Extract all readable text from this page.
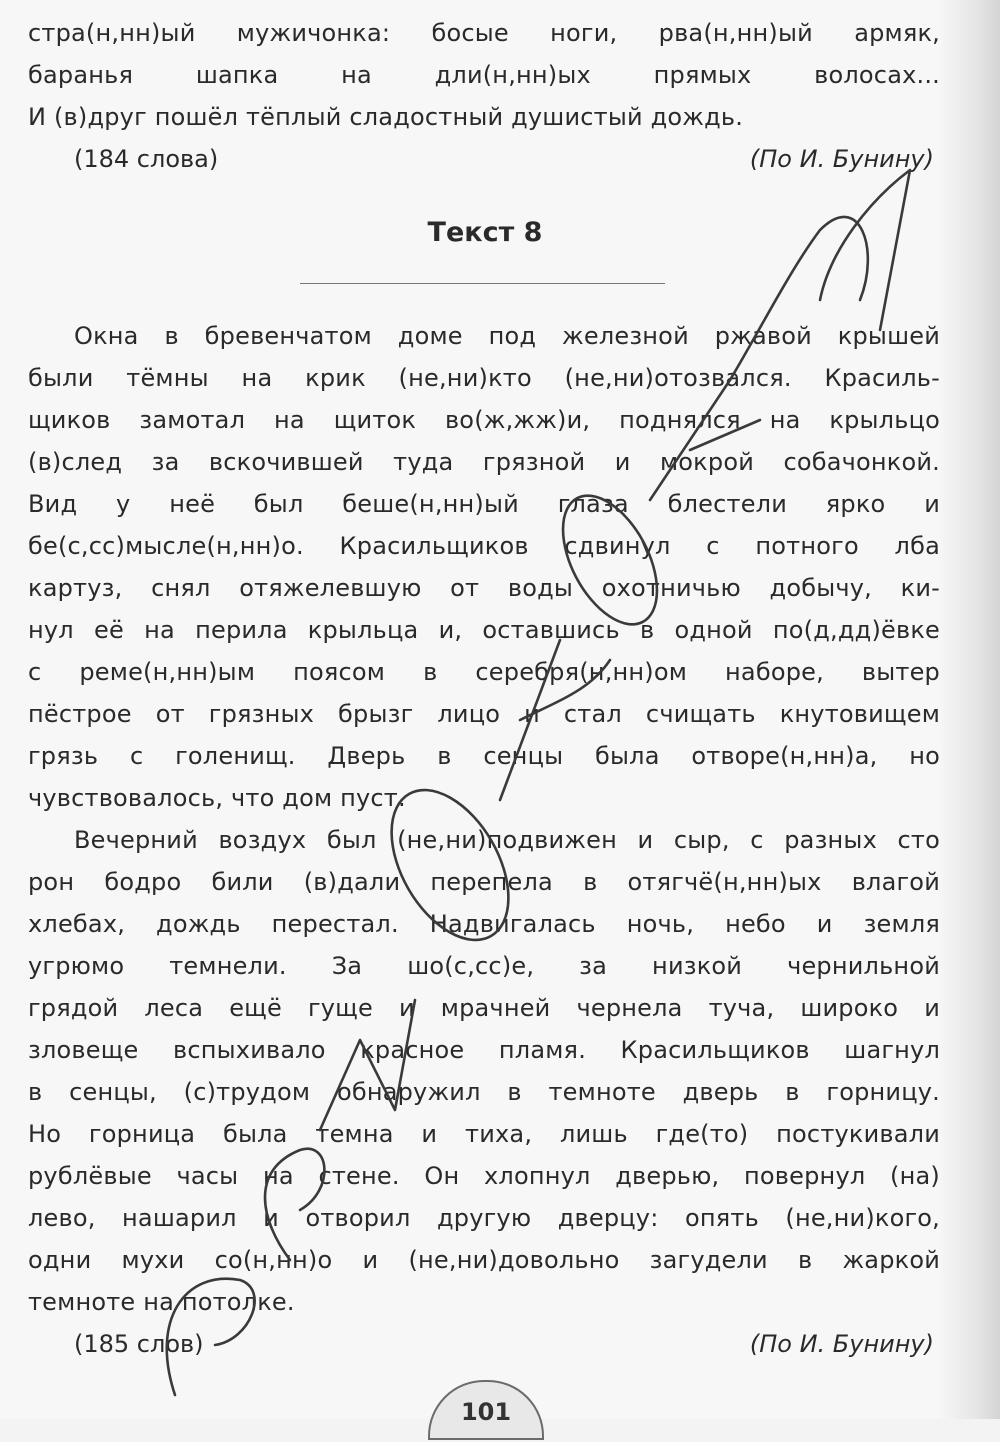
стра(н,нн)ый мужичонка: босые ноги, рва(н,нн)ый армяк,
баранья шапка на дли(н,нн)ых прямых волосах...
И (в)друг пошёл тёплый сладостный душистый дождь.
(184 слова)	(По И. Бунину)
Текст 8
Окна в бревенчатом доме под железной ржавой крышей
были тёмны на крик (не,ни)кто (не,ни)отозвался. Красиль-
щиков замотал на щиток во(ж,жж)и, поднялся на крыльцо
(в)след за вскочившей туда грязной и мокрой собачонкой.
Вид у неё был беше(н,нн)ый глаза блестели ярко и
бе(с,сс)мысле(н,нн)о. Красильщиков сдвинул с потного лба
картуз, снял отяжелевшую от воды охотничью добычу, ки-
нул её на перила крыльца и, оставшись в одной по(д,дд)ёвке
с реме(н,нн)ым поясом в серебря(н,нн)ом наборе, вытер
пёстрое от грязных брызг лицо и стал счищать кнутовищем
грязь с голенищ. Дверь в сенцы была отворе(н,нн)а, но
чувствовалось, что дом пуст.
Вечерний воздух был (не,ни)подвижен и сыр, с разных сто
рон бодро били (в)дали перепела в отягчё(н,нн)ых влагой
хлебах, дождь перестал. Надвигалась ночь, небо и земля
угрюмо темнели. За шо(с,сс)е, за низкой чернильной
грядой леса ещё гуще и мрачней чернела туча, широко и
зловеще вспыхивало красное пламя. Красильщиков шагнул
в сенцы, (с)трудом обнаружил в темноте дверь в горницу.
Но горница была темна и тиха, лишь где(то) постукивали
рублёвые часы на стене. Он хлопнул дверью, повернул (на)
лево, нашарил и отворил другую дверцу: опять (не,ни)кого,
одни мухи со(н,нн)о и (не,ни)довольно загудели в жаркой
темноте на потолке.
(185 слов)	(По И. Бунину)
101
